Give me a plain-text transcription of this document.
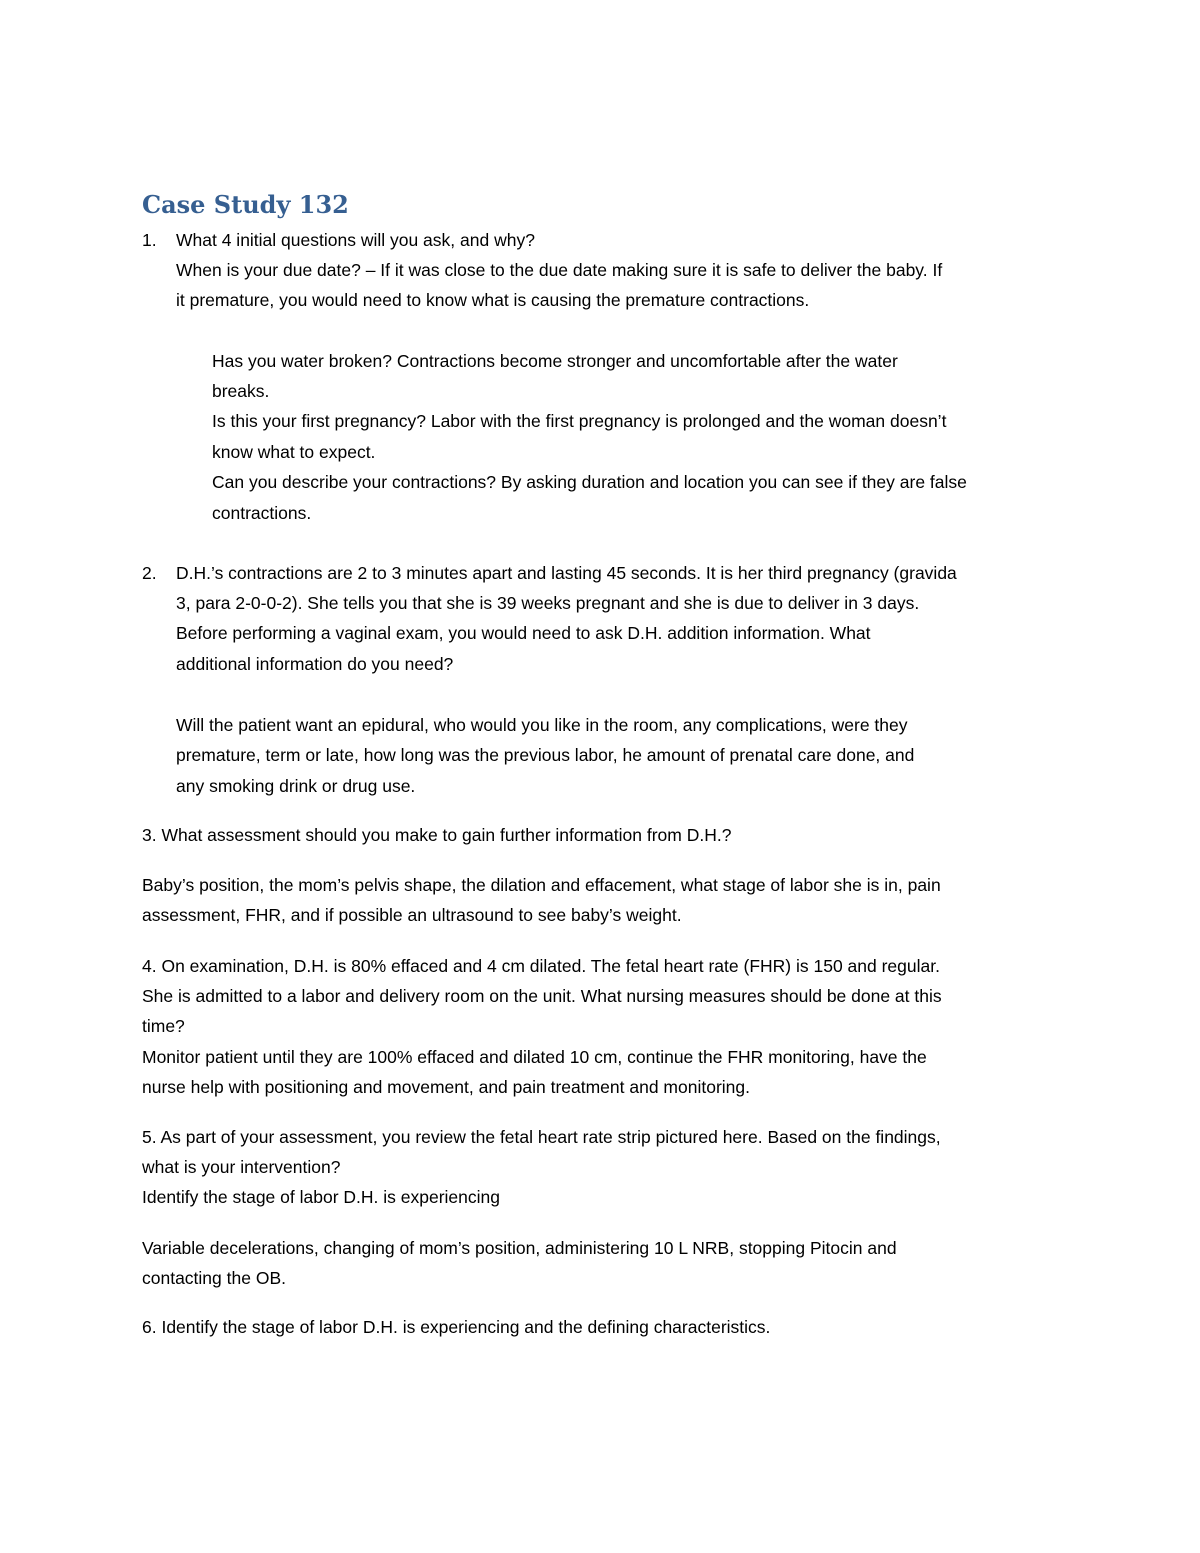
Case Study 132
1. What 4 initial questions will you ask, and why?

When is your due date? – If it was close to the due date making sure it is safe to deliver the baby. If

it premature, you would need to know what is causing the premature contractions.

Has you water broken? Contractions become stronger and uncomfortable after the water

breaks.

Is this your first pregnancy? Labor with the first pregnancy is prolonged and the woman doesn’t

know what to expect.

Can you describe your contractions? By asking duration and location you can see if they are false

contractions.

2. D.H.’s contractions are 2 to 3 minutes apart and lasting 45 seconds. It is her third pregnancy (gravida

3, para 2-0-0-2). She tells you that she is 39 weeks pregnant and she is due to deliver in 3 days.

Before performing a vaginal exam, you would need to ask D.H. addition information. What

additional information do you need?

Will the patient want an epidural, who would you like in the room, any complications, were they

premature, term or late, how long was the previous labor, he amount of prenatal care done, and

any smoking drink or drug use.

3. What assessment should you make to gain further information from D.H.?

Baby’s position, the mom’s pelvis shape, the dilation and effacement, what stage of labor she is in, pain

assessment, FHR, and if possible an ultrasound to see baby’s weight.

4. On examination, D.H. is 80% effaced and 4 cm dilated. The fetal heart rate (FHR) is 150 and regular.

She is admitted to a labor and delivery room on the unit. What nursing measures should be done at this

time?

Monitor patient until they are 100% effaced and dilated 10 cm, continue the FHR monitoring, have the

nurse help with positioning and movement, and pain treatment and monitoring.

5. As part of your assessment, you review the fetal heart rate strip pictured here. Based on the findings,

what is your intervention?

Identify the stage of labor D.H. is experiencing

Variable decelerations, changing of mom’s position, administering 10 L NRB, stopping Pitocin and

contacting the OB.

6. Identify the stage of labor D.H. is experiencing and the defining characteristics.
